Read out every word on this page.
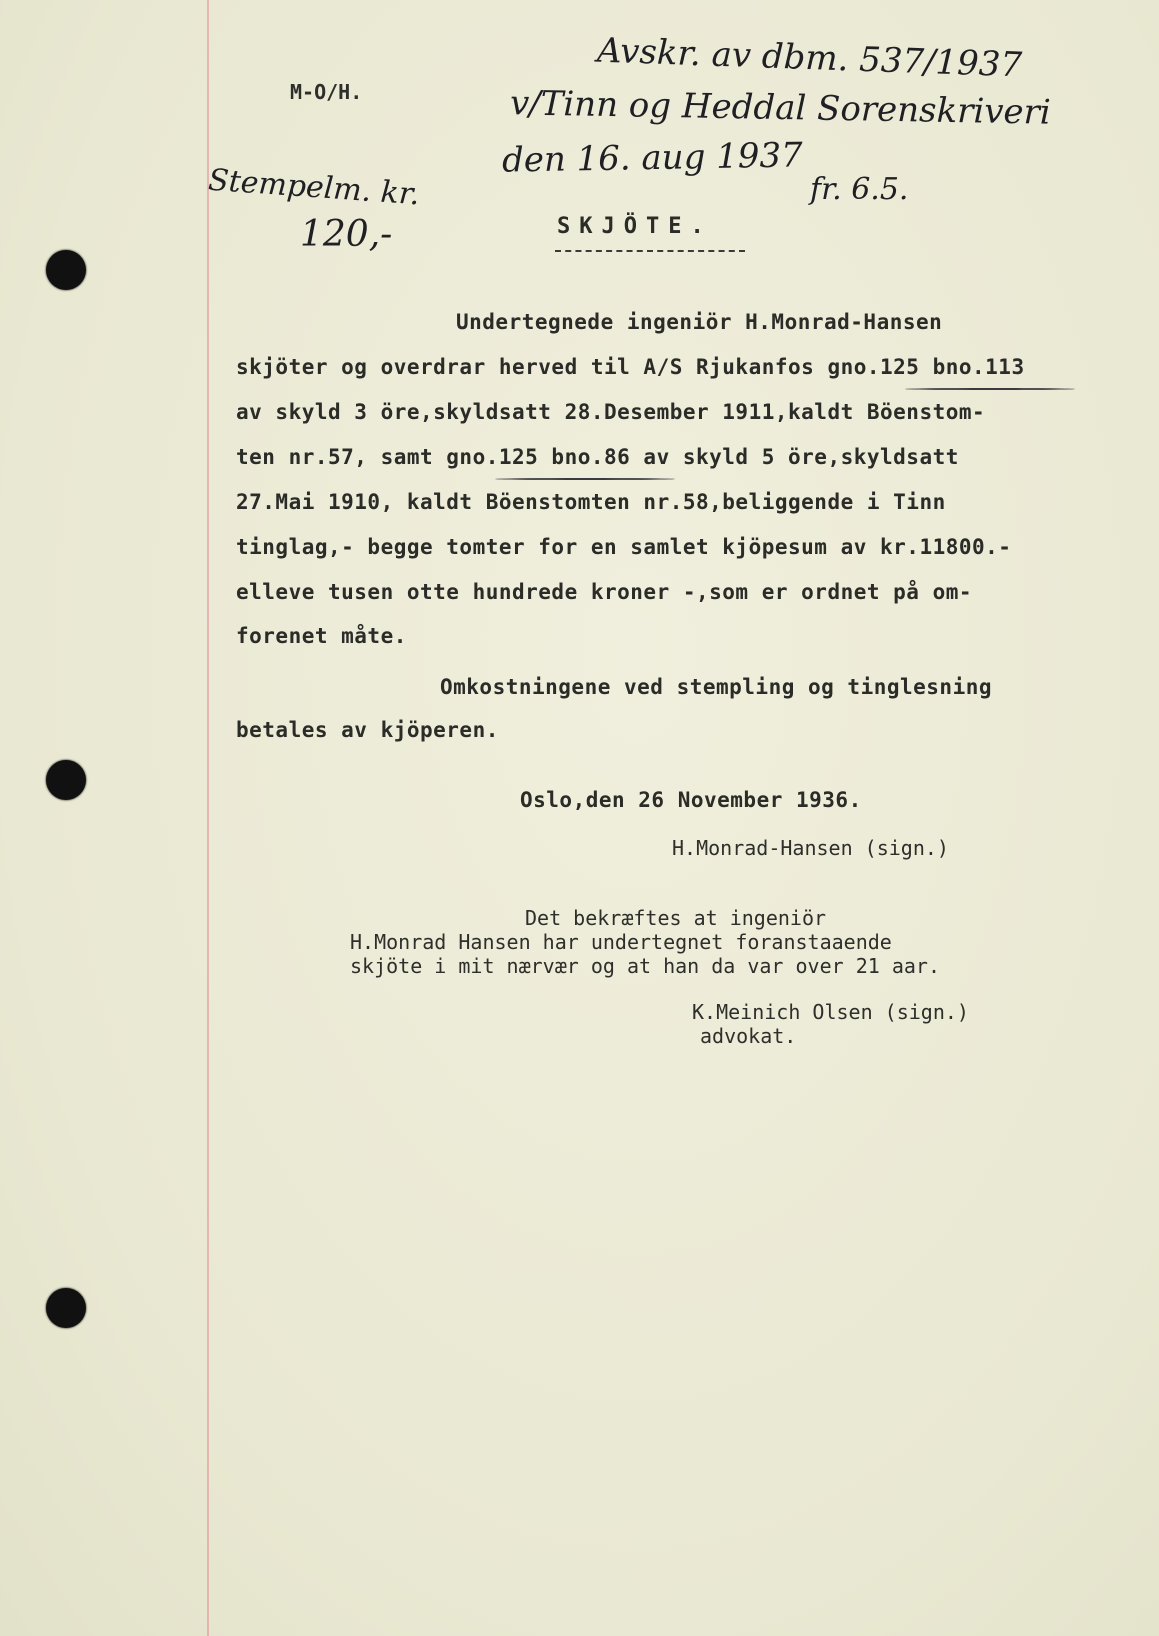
M-O/H.
Avskr. av dbm. 537/1937
v/Tinn og Heddal Sorenskriveri
den 16. aug 1937
fr. 6.5.
Stempelm. kr.
120,-	SKJÖTE.
Undertegnede ingeniör H.Monrad-Hansen
skjöter og overdrar herved til A/S Rjukanfos gno.125 bno.113
av skyld 3 öre,skyldsatt 28.Desember 1911,kaldt Böenstom-
ten nr.57, samt gno.125 bno.86 av skyld 5 öre,skyldsatt
27.Mai 1910, kaldt Böenstomten nr.58,beliggende i Tinn
tinglag,- begge tomter for en samlet kjöpesum av kr.11800.-
elleve tusen otte hundrede kroner -,som er ordnet på om-
forenet måte.
Omkostningene ved stempling og tinglesning
betales av kjöperen.
Oslo,den 26 November 1936.
H.Monrad-Hansen (sign.)
Det bekræftes at ingeniör
H.Monrad Hansen har undertegnet foranstaaende
skjöte i mit nærvær og at han da var over 21 aar.
K.Meinich Olsen (sign.)
advokat.
